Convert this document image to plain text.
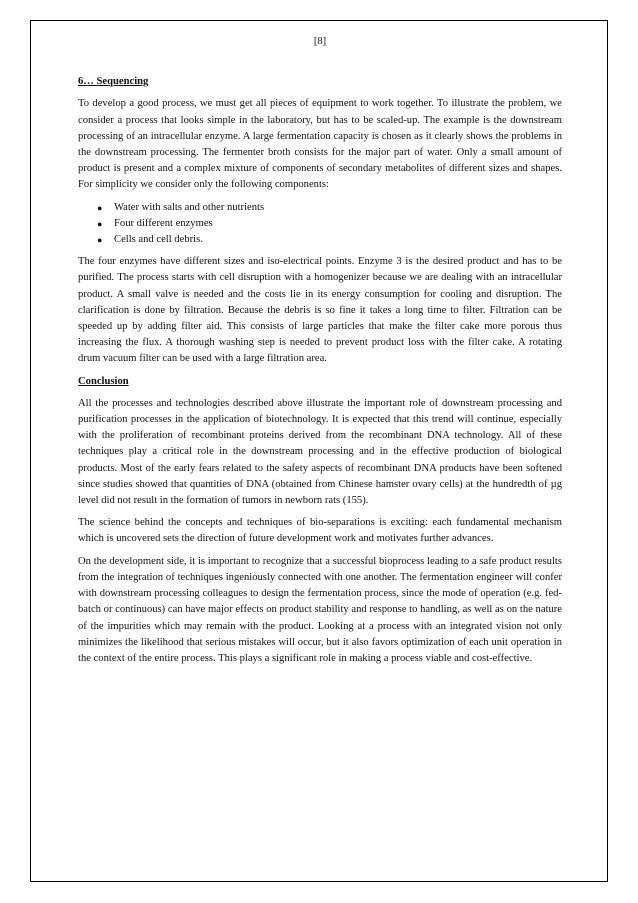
[8]
6… Sequencing

To develop a good process, we must get all pieces of equipment to work together. To illustrate the problem, we consider a process that looks simple in the laboratory, but has to be scaled-up. The example is the downstream processing of an intracellular enzyme. A large fermentation capacity is chosen as it clearly shows the problems in the downstream processing. The fermenter broth consists for the major part of water. Only a small amount of product is present and a complex mixture of components of secondary metabolites of different sizes and shapes. For simplicity we consider only the following components:

● Water with salts and other nutrients
● Four different enzymes
● Cells and cell debris.

The four enzymes have different sizes and iso-electrical points. Enzyme 3 is the desired product and has to be purified. The process starts with cell disruption with a homogenizer because we are dealing with an intracellular product. A small valve is needed and the costs lie in its energy consumption for cooling and disruption. The clarification is done by filtration. Because the debris is so fine it takes a long time to filter. Filtration can be speeded up by adding filter aid. This consists of large particles that make the filter cake more porous thus increasing the flux. A thorough washing step is needed to prevent product loss with the filter cake. A rotating drum vacuum filter can be used with a large filtration area.

Conclusion

All the processes and technologies described above illustrate the important role of downstream processing and purification processes in the application of biotechnology. It is expected that this trend will continue, especially with the proliferation of recombinant proteins derived from the recombinant DNA technology. All of these techniques play a critical role in the downstream processing and in the effective production of biological products. Most of the early fears related to the safety aspects of recombinant DNA products have been softened since studies showed that quantities of DNA (obtained from Chinese hamster ovary cells) at the hundredth of µg level did not result in the formation of tumors in newborn rats (155).

The science behind the concepts and techniques of bio-separations is exciting: each fundamental mechanism which is uncovered sets the direction of future development work and motivates further advances.

On the development side, it is important to recognize that a successful bioprocess leading to a safe product results from the integration of techniques ingeniously connected with one another. The fermentation engineer will confer with downstream processing colleagues to design the fermentation process, since the mode of operation (e.g. fed-batch or continuous) can have major effects on product stability and response to handling, as well as on the nature of the impurities which may remain with the product. Looking at a process with an integrated vision not only minimizes the likelihood that serious mistakes will occur, but it also favors optimization of each unit operation in the context of the entire process. This plays a significant role in making a process viable and cost-effective.
